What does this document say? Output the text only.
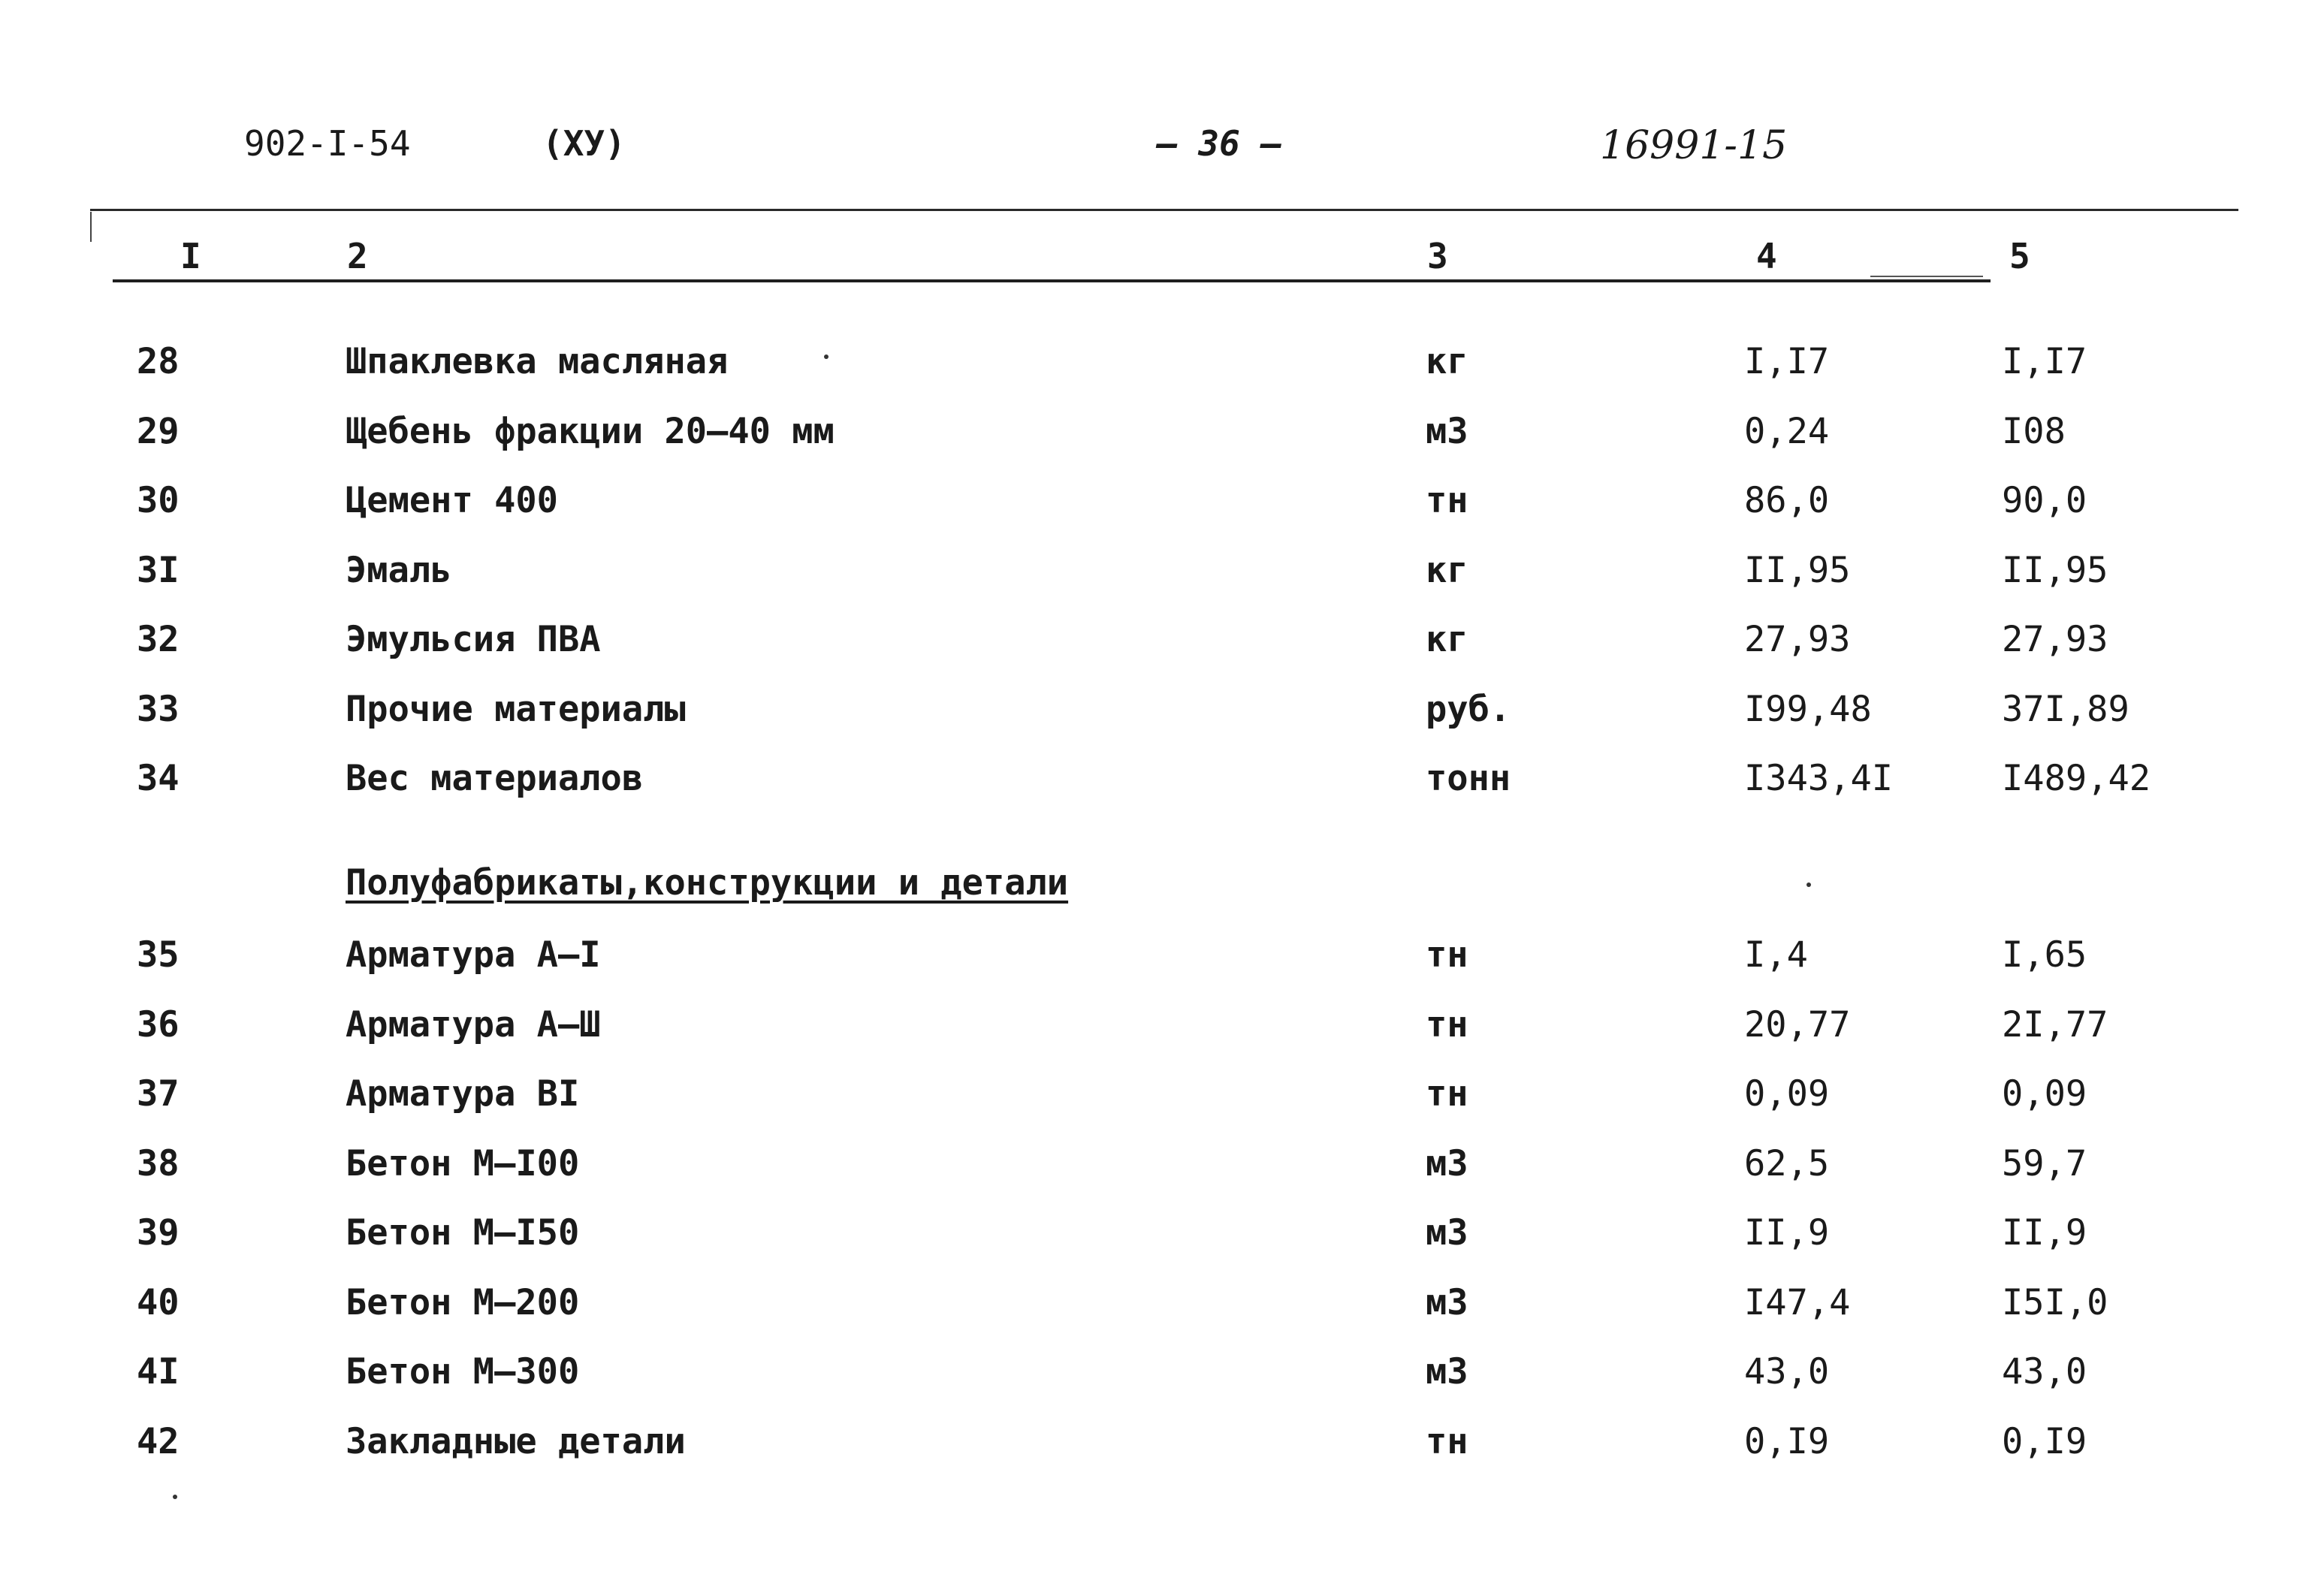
902-I-54	(ХУ)	– 36 –	16991-15
I	2	3	4	5
28	Шпаклевка масляная	кг	I,I7	I,I7
29	Щебень фракции 20–40 мм	м3	0,24	I08
30	Цемент 400	тн	86,0	90,0
3I	Эмаль	кг	II,95	II,95
32	Эмульсия ПВА	кг	27,93	27,93
33	Прочие материалы	руб.	I99,48	37I,89
34	Вес материалов	тонн	I343,4I	I489,42
Полуфабрикаты,конструкции и детали
35	Арматура А–I	тн	I,4	I,65
36	Арматура А–Ш	тн	20,77	2I,77
37	Арматура ВI	тн	0,09	0,09
38	Бетон М–I00	м3	62,5	59,7
39	Бетон М–I50	м3	II,9	II,9
40	Бетон М–200	м3	I47,4	I5I,0
4I	Бетон М–300	м3	43,0	43,0
42	Закладные детали	тн	0,I9	0,I9
